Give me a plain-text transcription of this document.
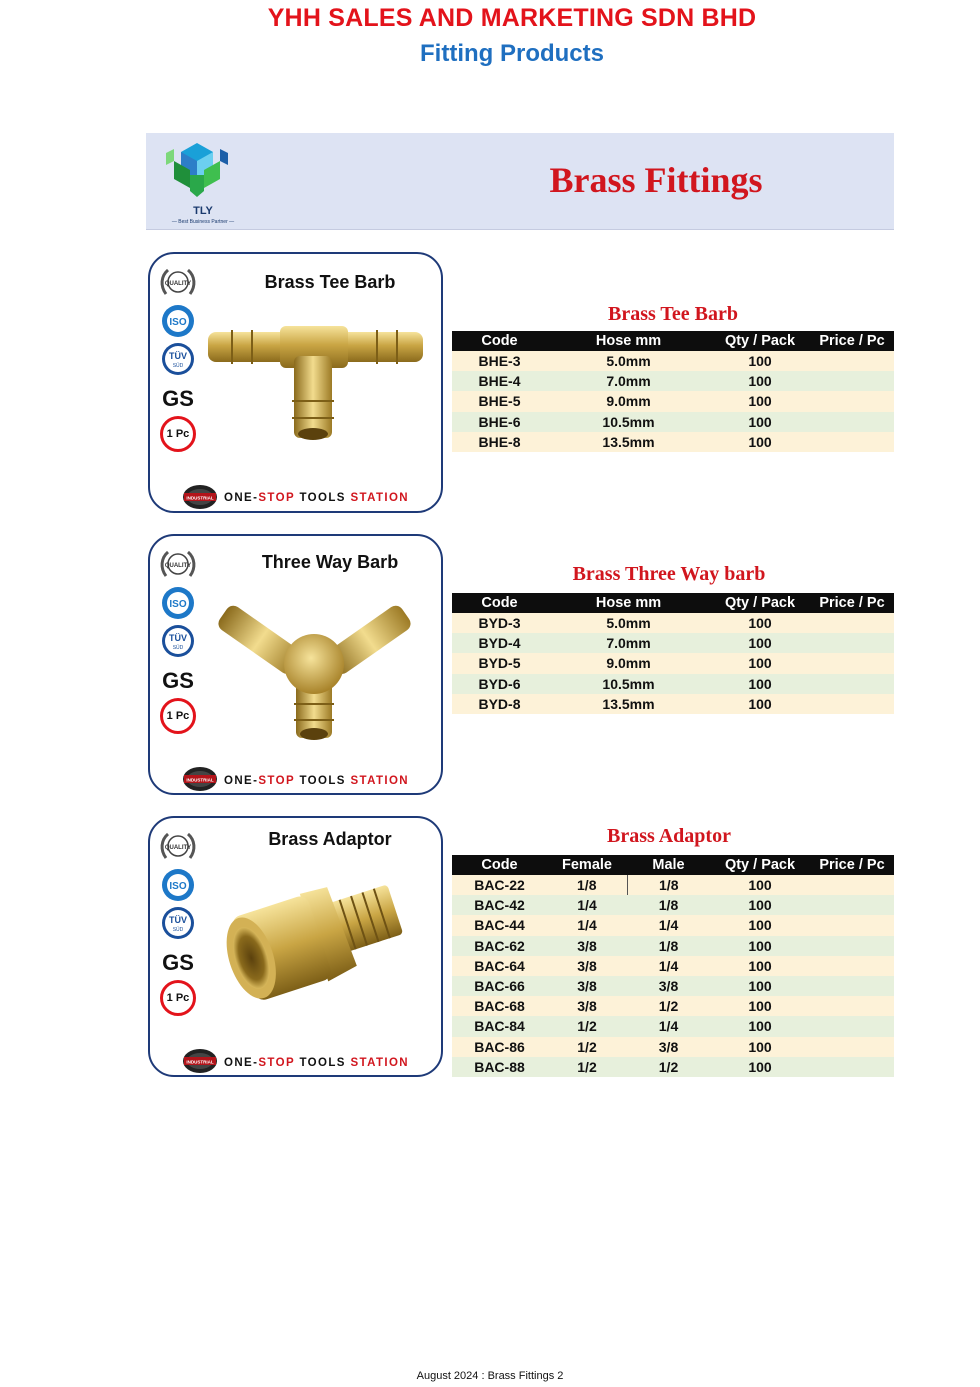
YHH SALES AND MARKETING SDN BHD
Fitting Products
TLY
— Best Business Partner —
Brass Fittings
Brass Tee Barb
QUALITY
ISO
TÜV
SÜD
GS
1 Pc
INDUSTRIAL ONE-STOP TOOLS STATION
Brass Tee Barb
Code	Hose mm	Qty / Pack	Price / Pc
BHE-3	5.0mm	100	
BHE-4	7.0mm	100	
BHE-5	9.0mm	100	
BHE-6	10.5mm	100	
BHE-8	13.5mm	100	
Three Way Barb
QUALITY
ISO
TÜV
SÜD
GS
1 Pc
INDUSTRIAL ONE-STOP TOOLS STATION
Brass Three Way barb
Code	Hose mm	Qty / Pack	Price / Pc
BYD-3	5.0mm	100	
BYD-4	7.0mm	100	
BYD-5	9.0mm	100	
BYD-6	10.5mm	100	
BYD-8	13.5mm	100	
Brass Adaptor
QUALITY
ISO
TÜV
SÜD
GS
1 Pc
INDUSTRIAL ONE-STOP TOOLS STATION
Brass Adaptor
Code	Female	Male	Qty / Pack	Price / Pc
BAC-22	1/8	1/8	100	
BAC-42	1/4	1/8	100	
BAC-44	1/4	1/4	100	
BAC-62	3/8	1/8	100	
BAC-64	3/8	1/4	100	
BAC-66	3/8	3/8	100	
BAC-68	3/8	1/2	100	
BAC-84	1/2	1/4	100	
BAC-86	1/2	3/8	100	
BAC-88	1/2	1/2	100	
August 2024 : Brass Fittings 2
